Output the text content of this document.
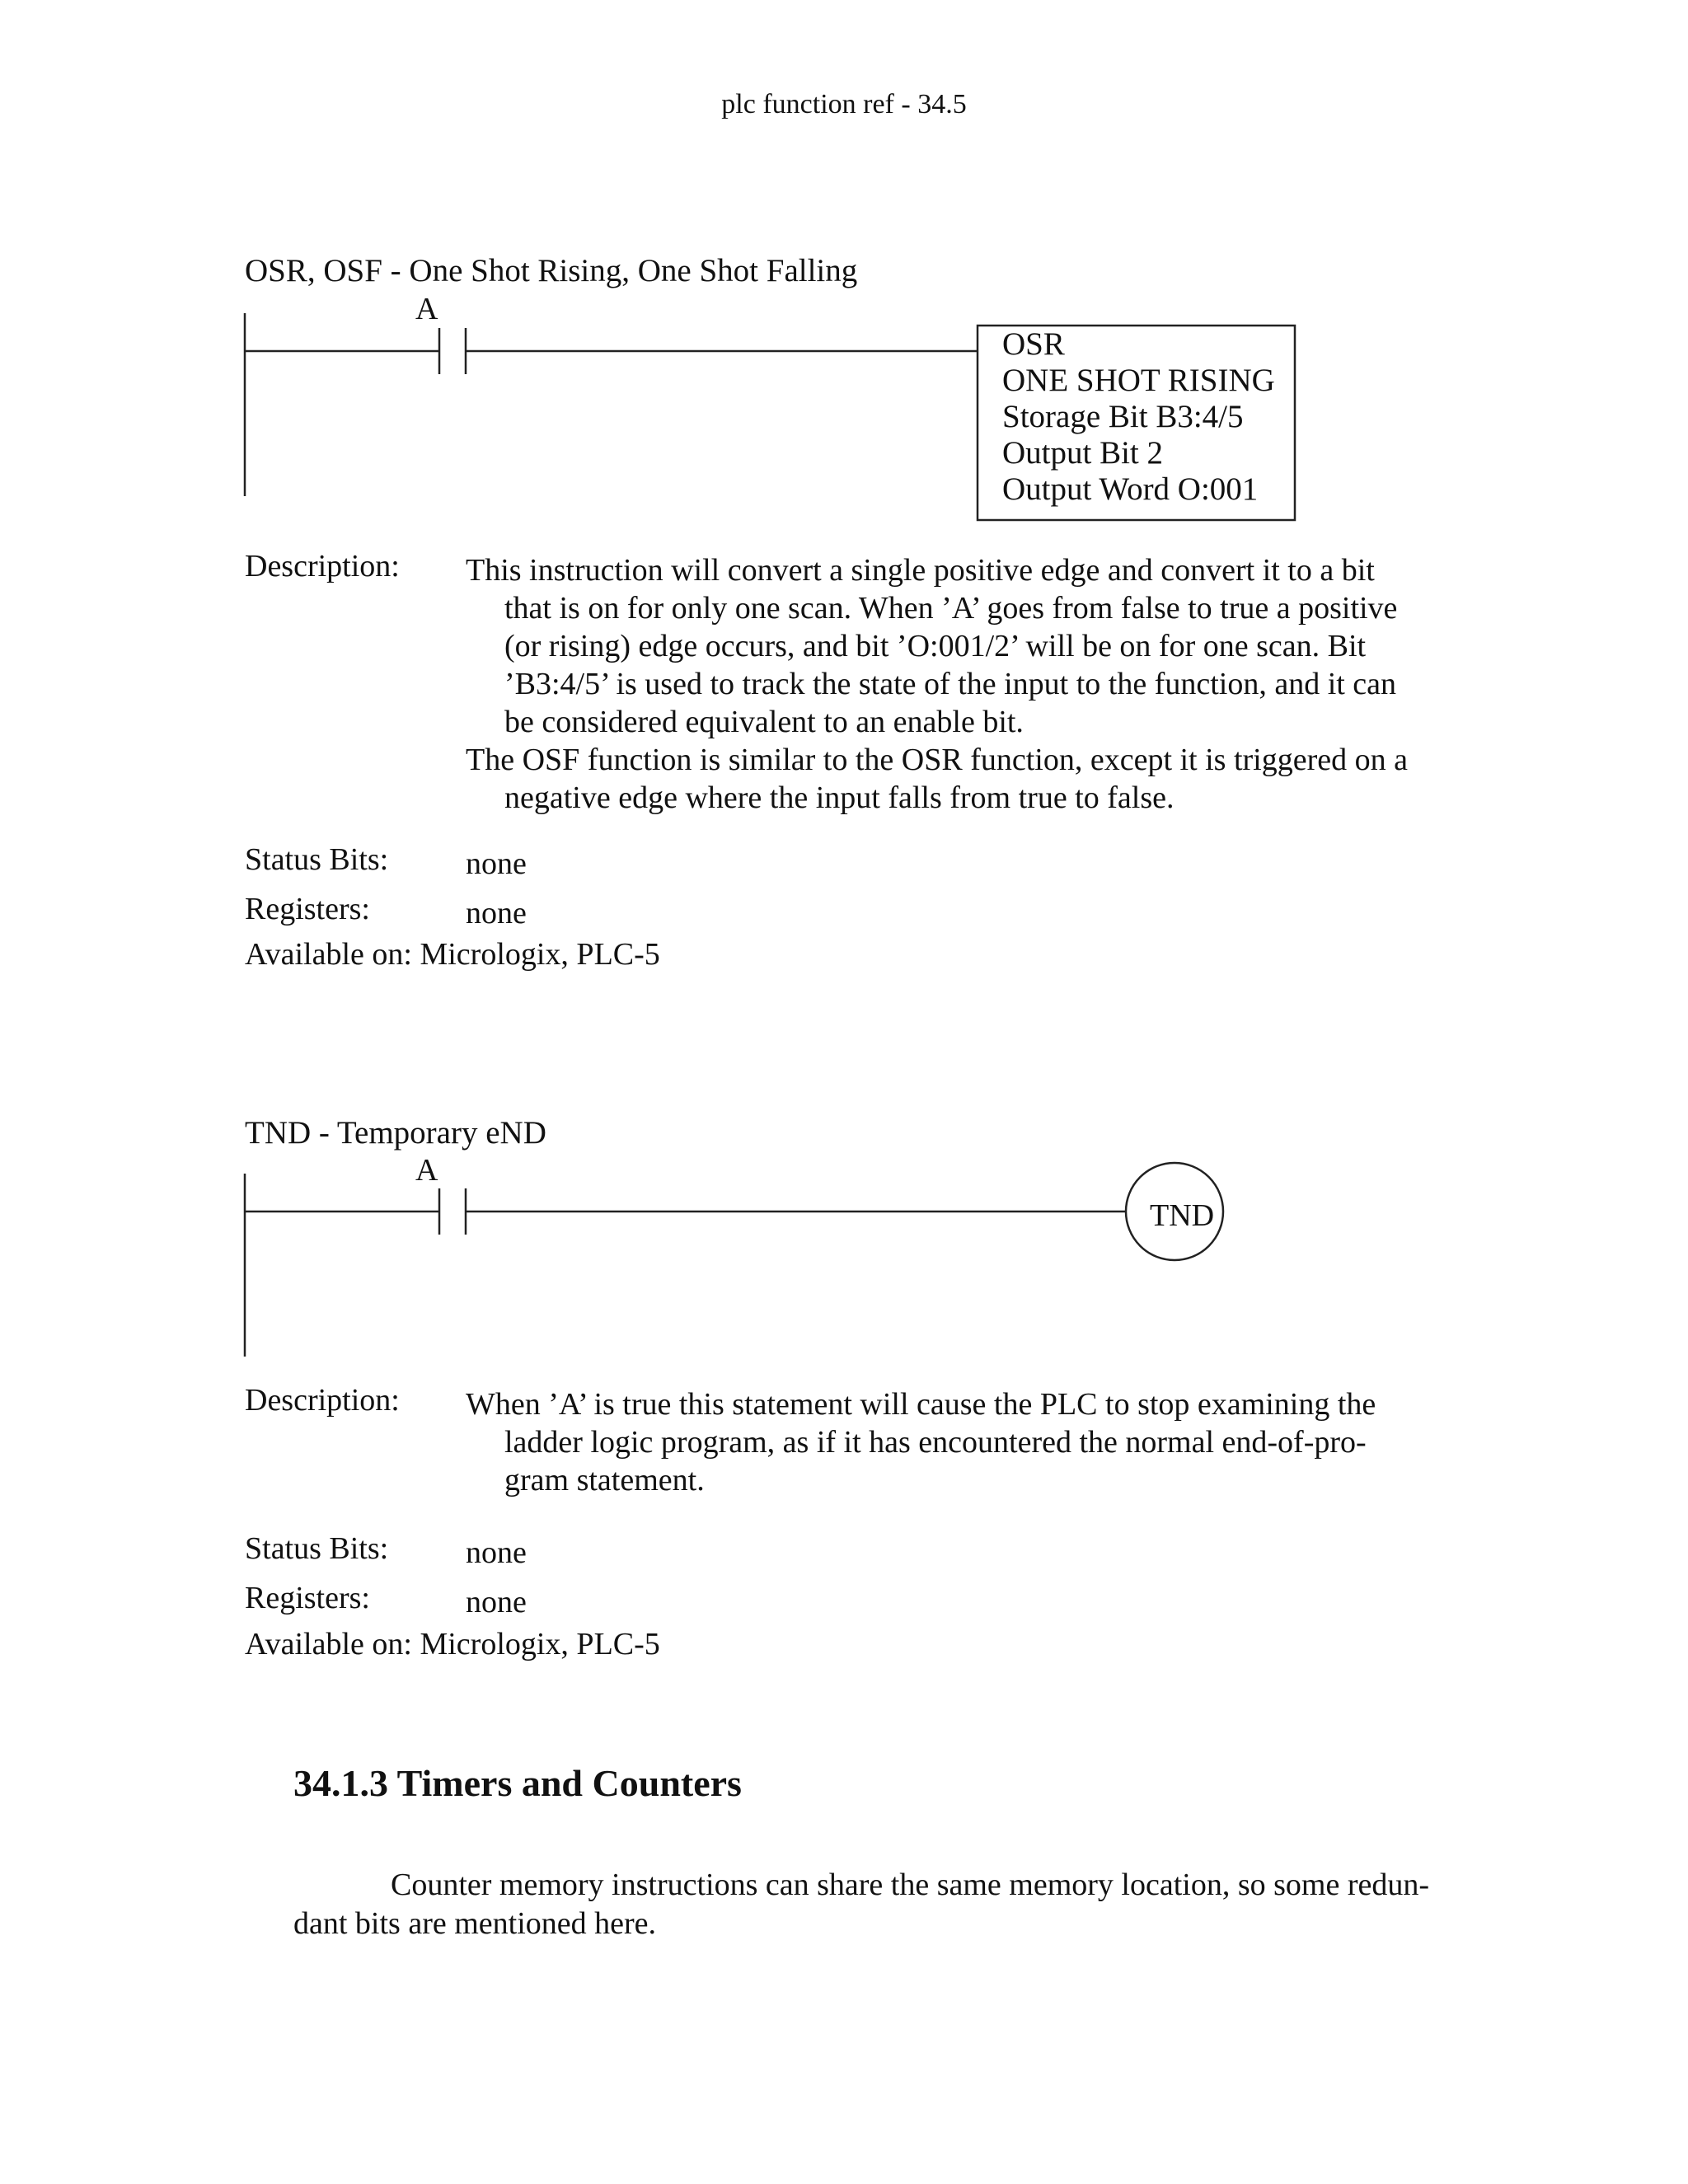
plc function ref - 34.5
OSR, OSF - One Shot Rising, One Shot Falling
A
OSR
ONE SHOT RISING
Storage Bit B3:4/5
Output Bit 2
Output Word O:001
Description: This instruction will convert a single positive edge and convert it to a bit
that is on for only one scan. When ’A’ goes from false to true a positive
(or rising) edge occurs, and bit ’O:001/2’ will be on for one scan. Bit
’B3:4/5’ is used to track the state of the input to the function, and it can
be considered equivalent to an enable bit.
The OSF function is similar to the OSR function, except it is triggered on a
negative edge where the input falls from true to false.
Status Bits: none
Registers:	none
Available on: Micrologix, PLC-5
TND - Temporary eND
A
TND
Description: When ’A’ is true this statement will cause the PLC to stop examining the
ladder logic program, as if it has encountered the normal end-of-pro-
gram statement.
Status Bits: none
Registers:	none
Available on: Micrologix, PLC-5
34.1.3 Timers and Counters
Counter memory instructions can share the same memory location, so some redun-
dant bits are mentioned here.
